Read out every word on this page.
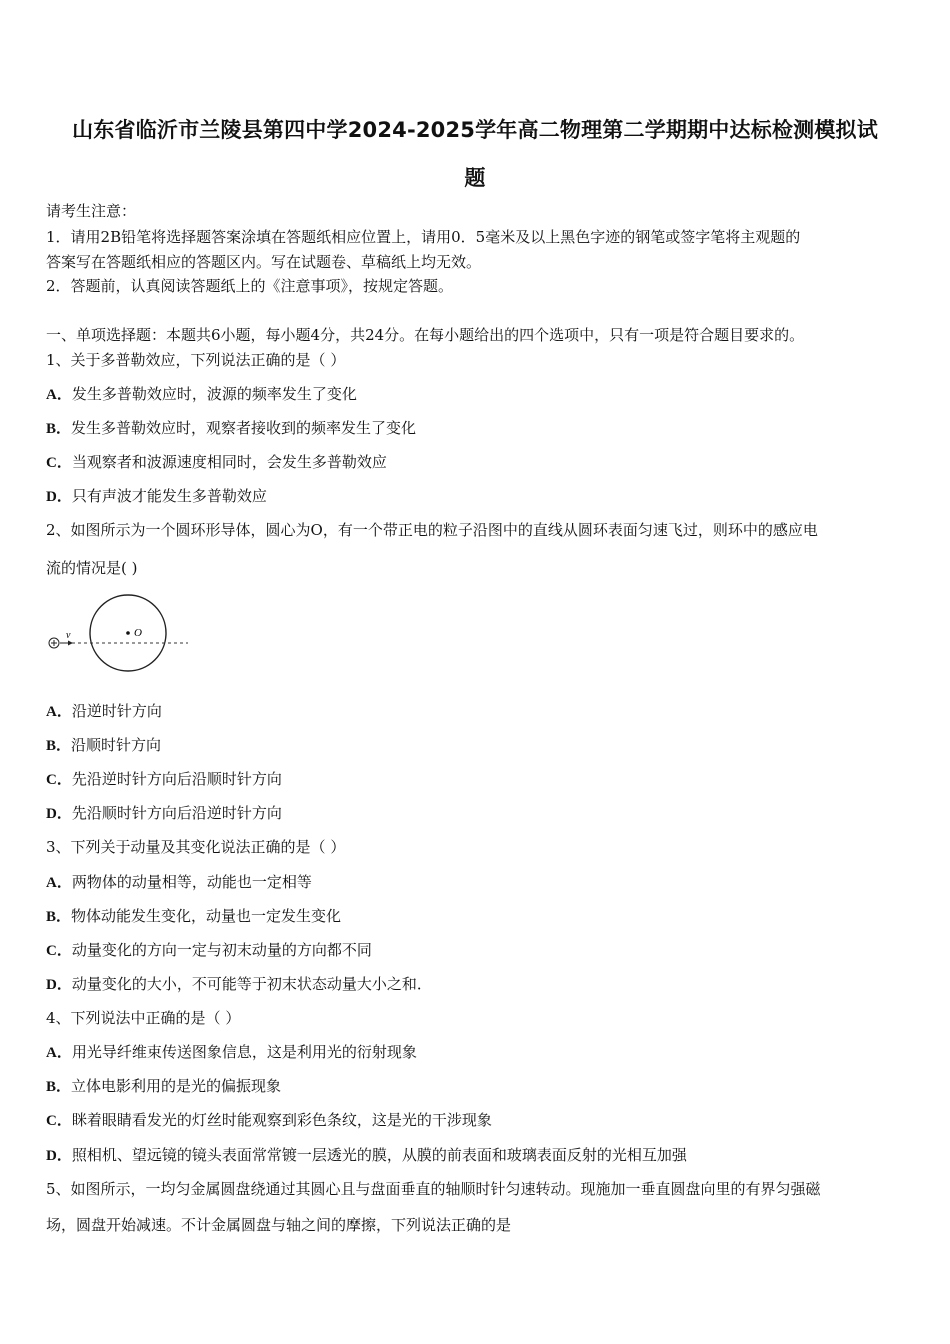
山东省临沂市兰陵县第四中学2024-2025学年高二物理第二学期期中达标检测模拟试
题
请考生注意：
1．请用2B铅笔将选择题答案涂填在答题纸相应位置上，请用0．5毫米及以上黑色字迹的钢笔或签字笔将主观题的
答案写在答题纸相应的答题区内。写在试题卷、草稿纸上均无效。
2．答题前，认真阅读答题纸上的《注意事项》，按规定答题。
一、单项选择题：本题共6小题，每小题4分，共24分。在每小题给出的四个选项中，只有一项是符合题目要求的。
1、关于多普勒效应，下列说法正确的是（ ）
A．发生多普勒效应时，波源的频率发生了变化
B．发生多普勒效应时，观察者接收到的频率发生了变化
C．当观察者和波源速度相同时，会发生多普勒效应
D．只有声波才能发生多普勒效应
2、如图所示为一个圆环形导体，圆心为O，有一个带正电的粒子沿图中的直线从圆环表面匀速飞过，则环中的感应电
流的情况是( )
v	O
A．沿逆时针方向
B．沿顺时针方向
C．先沿逆时针方向后沿顺时针方向
D．先沿顺时针方向后沿逆时针方向
3、下列关于动量及其变化说法正确的是（ ）
A．两物体的动量相等，动能也一定相等
B．物体动能发生变化，动量也一定发生变化
C．动量变化的方向一定与初末动量的方向都不同
D．动量变化的大小，不可能等于初末状态动量大小之和．
4、下列说法中正确的是（ ）
A．用光导纤维束传送图象信息，这是利用光的衍射现象
B．立体电影利用的是光的偏振现象
C．眯着眼睛看发光的灯丝时能观察到彩色条纹，这是光的干涉现象
D．照相机、望远镜的镜头表面常常镀一层透光的膜，从膜的前表面和玻璃表面反射的光相互加强
5、如图所示，一均匀金属圆盘绕通过其圆心且与盘面垂直的轴顺时针匀速转动。现施加一垂直圆盘向里的有界匀强磁
场，圆盘开始减速。不计金属圆盘与轴之间的摩擦，下列说法正确的是
